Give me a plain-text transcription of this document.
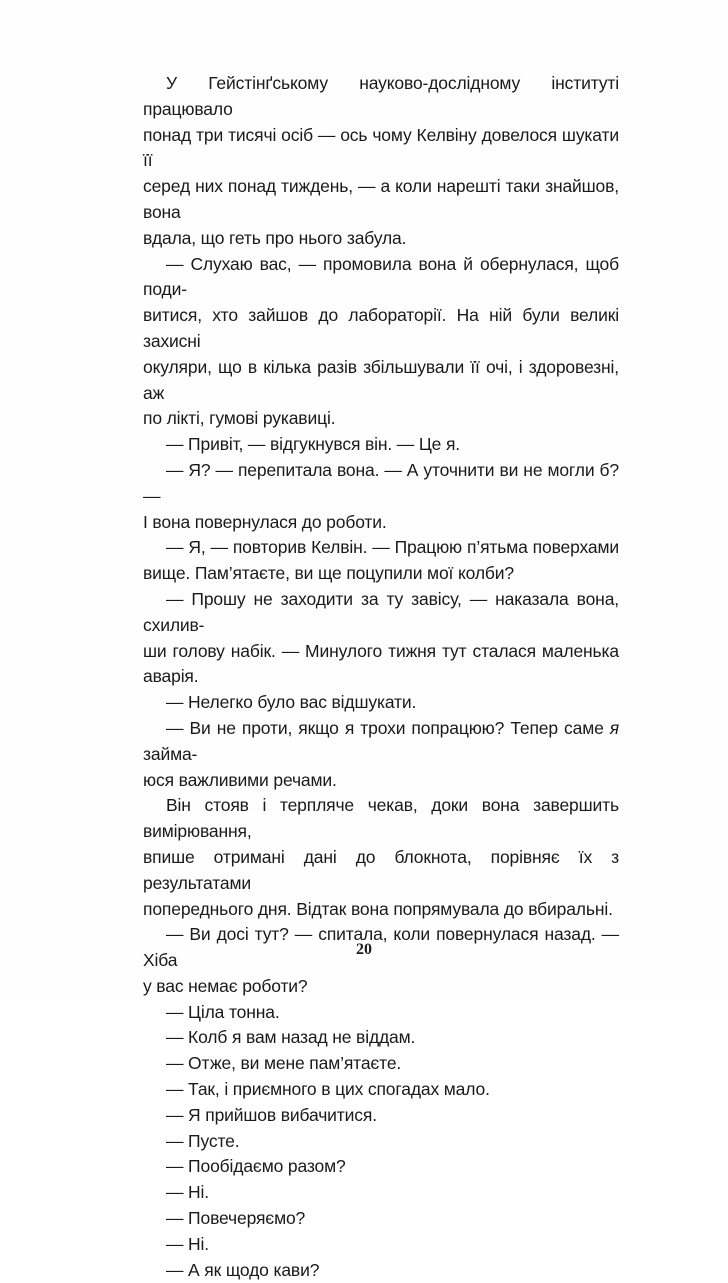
У Гейстінґському науково-дослідному інституті працювало
понад три тисячі осіб — ось чому Келвіну довелося шукати її
серед них понад тиждень, — а коли нарешті таки знайшов, вона
вдала, що геть про нього забула.

— Слухаю вас, — промовила вона й обернулася, щоб поди-
витися, хто зайшов до лабораторії. На ній були великі захисні
окуляри, що в кілька разів збільшували її очі, і здоровезні, аж
по лікті, гумові рукавиці.

— Привіт, — відгукнувся він. — Це я.

— Я? — перепитала вона. — А уточнити ви не могли б? —
І вона повернулася до роботи.

— Я, — повторив Келвін. — Працюю п’ятьма поверхами
вище. Пам’ятаєте, ви ще поцупили мої колби?

— Прошу не заходити за ту завісу, — наказала вона, схилив-
ши голову набік. — Минулого тижня тут сталася маленька аварія.

— Нелегко було вас відшукати.

— Ви не проти, якщо я трохи попрацюю? Тепер саме я займа-
юся важливими речами.

Він стояв і терпляче чекав, доки вона завершить вимірювання,
впише отримані дані до блокнота, порівняє їх з результатами
попереднього дня. Відтак вона попрямувала до вбиральні.

— Ви досі тут? — спитала, коли повернулася назад. — Хіба
у вас немає роботи?

— Ціла тонна.

— Колб я вам назад не віддам.

— Отже, ви мене пам’ятаєте.

— Так, і приємного в цих спогадах мало.

— Я прийшов вибачитися.

— Пусте.

— Пообідаємо разом?

— Ні.

— Повечеряємо?

— Ні.

— А як щодо кави?

20
